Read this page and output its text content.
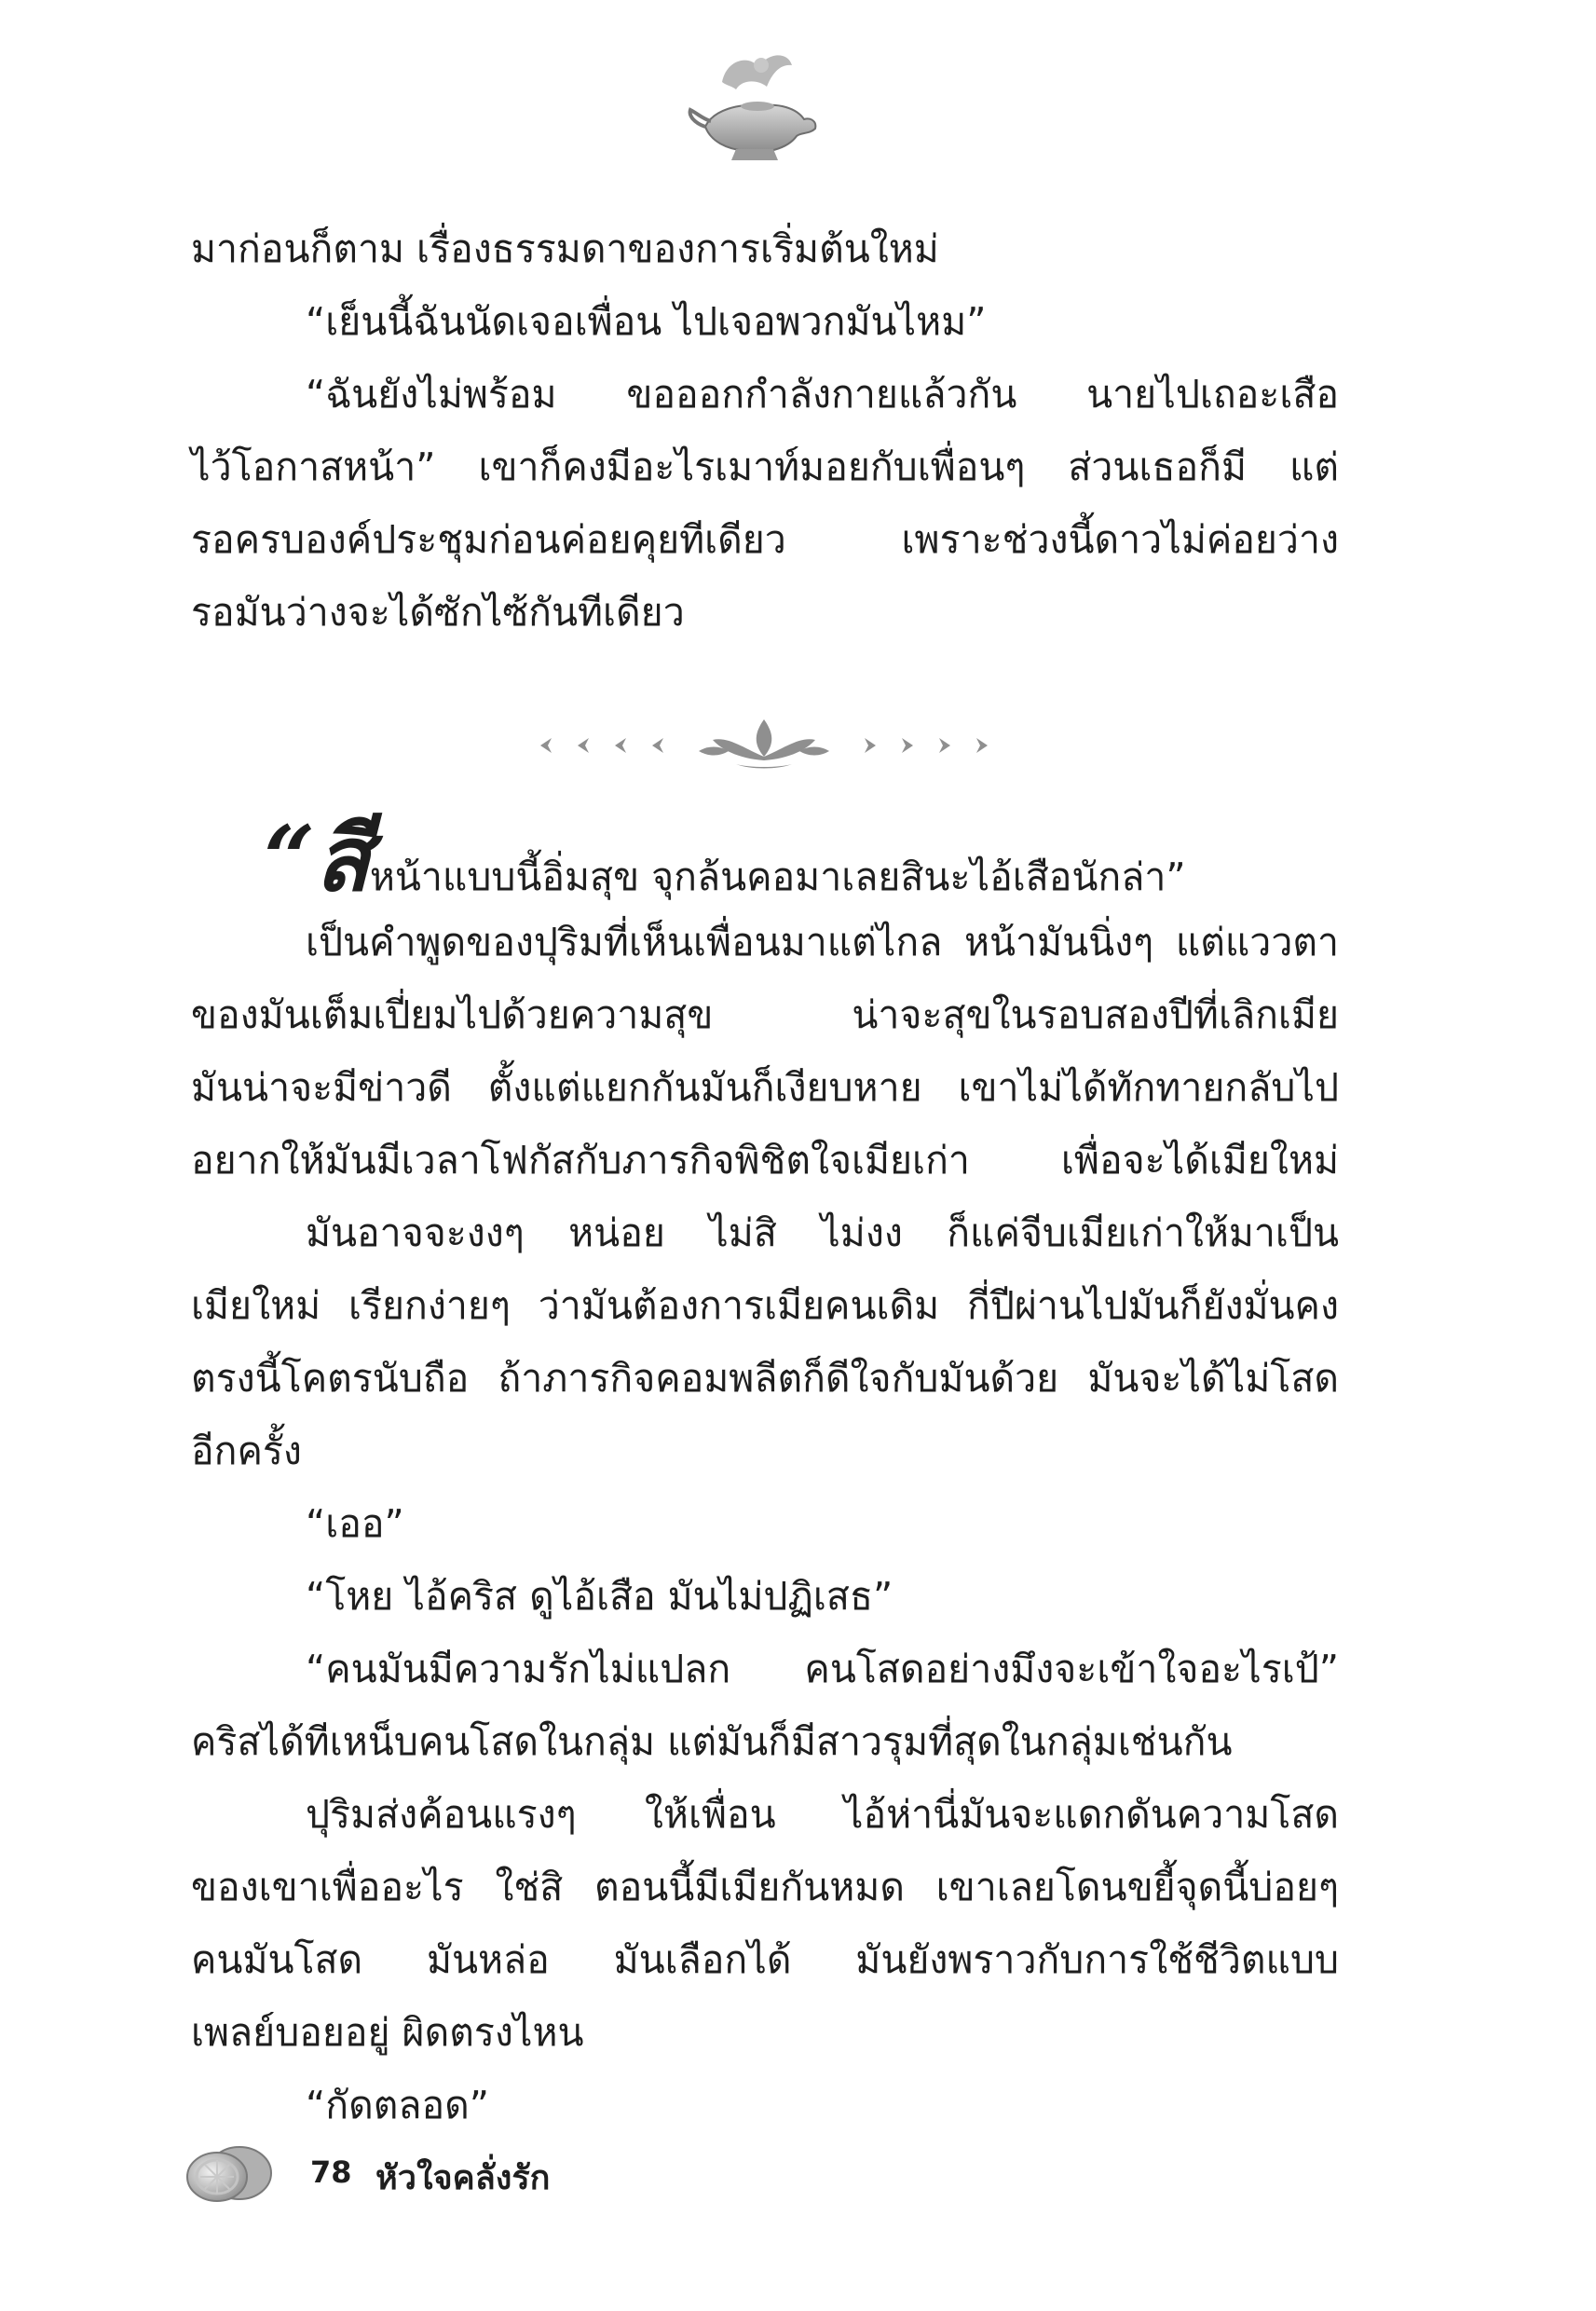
มาก่อนก็ตาม เรื่องธรรมดาของการเริ่มต้นใหม่

“เย็นนี้ฉันนัดเจอเพื่อน ไปเจอพวกมันไหม”

“ฉันยังไม่พร้อม ขอออกกำลังกายแล้วกัน นายไปเถอะเสือ

ไว้โอกาสหน้า” เขาก็คงมีอะไรเมาท์มอยกับเพื่อนๆ ส่วนเธอก็มี แต่

รอครบองค์ประชุมก่อนค่อยคุยทีเดียว เพราะช่วงนี้ดาวไม่ค่อยว่าง

รอมันว่างจะได้ซักไซ้กันทีเดียว

“สีหน้าแบบนี้อิ่มสุข จุกล้นคอมาเลยสินะไอ้เสือนักล่า”

เป็นคำพูดของปุริมที่เห็นเพื่อนมาแต่ไกล หน้ามันนิ่งๆ แต่แววตา

ของมันเต็มเปี่ยมไปด้วยความสุข น่าจะสุขในรอบสองปีที่เลิกเมีย

มันน่าจะมีข่าวดี ตั้งแต่แยกกันมันก็เงียบหาย เขาไม่ได้ทักทายกลับไป

อยากให้มันมีเวลาโฟกัสกับภารกิจพิชิตใจเมียเก่า เพื่อจะได้เมียใหม่

มันอาจจะงงๆ หน่อย ไม่สิ ไม่งง ก็แค่จีบเมียเก่าให้มาเป็น

เมียใหม่ เรียกง่ายๆ ว่ามันต้องการเมียคนเดิม กี่ปีผ่านไปมันก็ยังมั่นคง

ตรงนี้โคตรนับถือ ถ้าภารกิจคอมพลีตก็ดีใจกับมันด้วย มันจะได้ไม่โสด

อีกครั้ง

“เออ”

“โหย ไอ้คริส ดูไอ้เสือ มันไม่ปฏิเสธ”

“คนมันมีความรักไม่แปลก คนโสดอย่างมึงจะเข้าใจอะไรเป้”

คริสได้ทีเหน็บคนโสดในกลุ่ม แต่มันก็มีสาวรุมที่สุดในกลุ่มเช่นกัน

ปุริมส่งค้อนแรงๆ ให้เพื่อน ไอ้ห่านี่มันจะแดกดันความโสด

ของเขาเพื่ออะไร ใช่สิ ตอนนี้มีเมียกันหมด เขาเลยโดนขยี้จุดนี้บ่อยๆ

คนมันโสด มันหล่อ มันเลือกได้ มันยังพราวกับการใช้ชีวิตแบบ

เพลย์บอยอยู่ ผิดตรงไหน

“กัดตลอด”

78 หัวใจคลั่งรัก
